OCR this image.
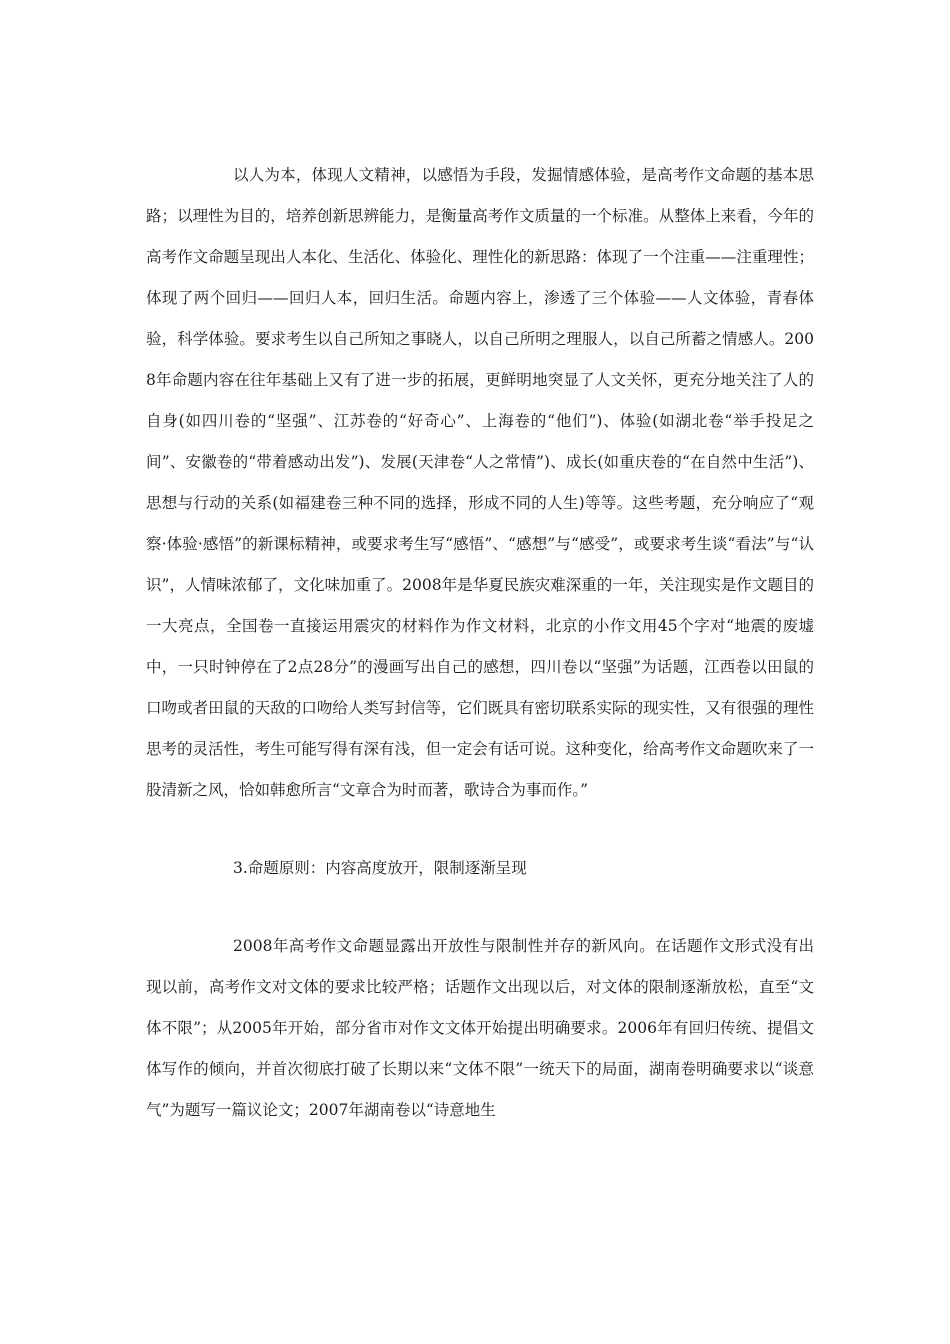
以人为本，体现人文精神，以感悟为手段，发掘情感体验，是高考作文命题的基本思路；以理性为目的，培养创新思辨能力，是衡量高考作文质量的一个标准。从整体上来看，今年的高考作文命题呈现出人本化、生活化、体验化、理性化的新思路：体现了一个注重——注重理性；体现了两个回归——回归人本，回归生活。命题内容上，渗透了三个体验——人文体验，青春体验，科学体验。要求考生以自己所知之事晓人，以自己所明之理服人，以自己所蓄之情感人。2008年命题内容在往年基础上又有了进一步的拓展，更鲜明地突显了人文关怀，更充分地关注了人的自身(如四川卷的“坚强”、江苏卷的“好奇心”、上海卷的“他们”)、体验(如湖北卷“举手投足之间”、安徽卷的“带着感动出发”)、发展(天津卷“人之常情”)、成长(如重庆卷的“在自然中生活”)、思想与行动的关系(如福建卷三种不同的选择，形成不同的人生)等等。这些考题，充分响应了“观察·体验·感悟”的新课标精神，或要求考生写“感悟”、“感想”与“感受”，或要求考生谈“看法”与“认识”，人情味浓郁了，文化味加重了。2008年是华夏民族灾难深重的一年，关注现实是作文题目的一大亮点，全国卷一直接运用震灾的材料作为作文材料，北京的小作文用45个字对“地震的废墟中，一只时钟停在了2点28分”的漫画写出自己的感想，四川卷以“坚强”为话题，江西卷以田鼠的口吻或者田鼠的天敌的口吻给人类写封信等，它们既具有密切联系实际的现实性，又有很强的理性思考的灵活性，考生可能写得有深有浅，但一定会有话可说。这种变化，给高考作文命题吹来了一股清新之风，恰如韩愈所言“文章合为时而著，歌诗合为事而作。”

3.命题原则：内容高度放开，限制逐渐呈现

2008年高考作文命题显露出开放性与限制性并存的新风向。在话题作文形式没有出现以前，高考作文对文体的要求比较严格；话题作文出现以后，对文体的限制逐渐放松，直至“文体不限”；从2005年开始，部分省市对作文文体开始提出明确要求。2006年有回归传统、提倡文体写作的倾向，并首次彻底打破了长期以来“文体不限”一统天下的局面，湖南卷明确要求以“谈意气”为题写一篇议论文；2007年湖南卷以“诗意地生
